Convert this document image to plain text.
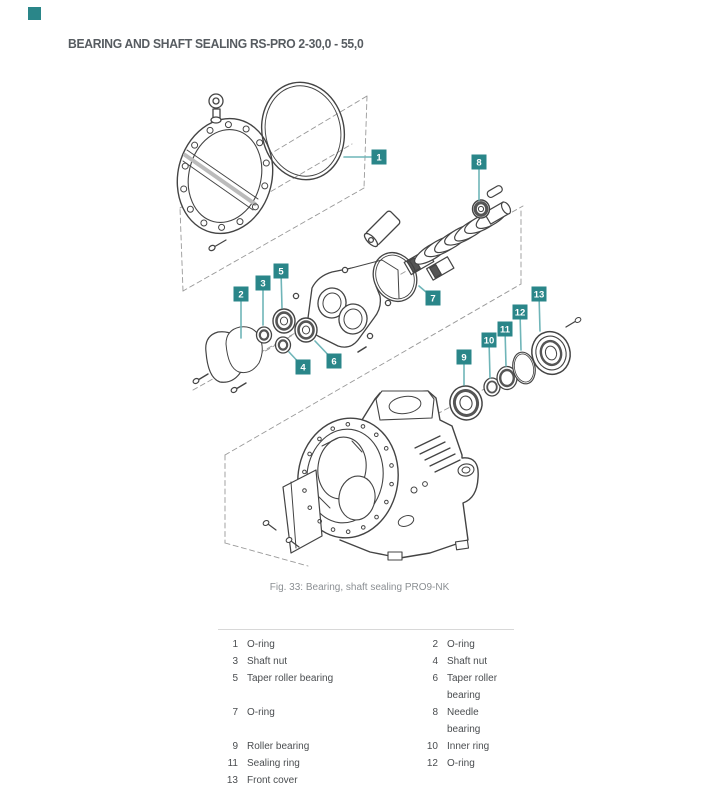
BEARING AND SHAFT SEALING RS-PRO 2-30,0 - 55,0
1
2
3
5
4
6
7
8
9
10
11
12
13
Fig. 33: Bearing, shaft sealing PRO9-NK
1 O-ring	2 O-ring
3 Shaft nut	4 Shaft nut
5 Taper roller bearing	6 Taper roller bearing
7 O-ring	8 Needle bearing
9 Roller bearing	10 Inner ring
11 Sealing ring	12 O-ring
13 Front cover
